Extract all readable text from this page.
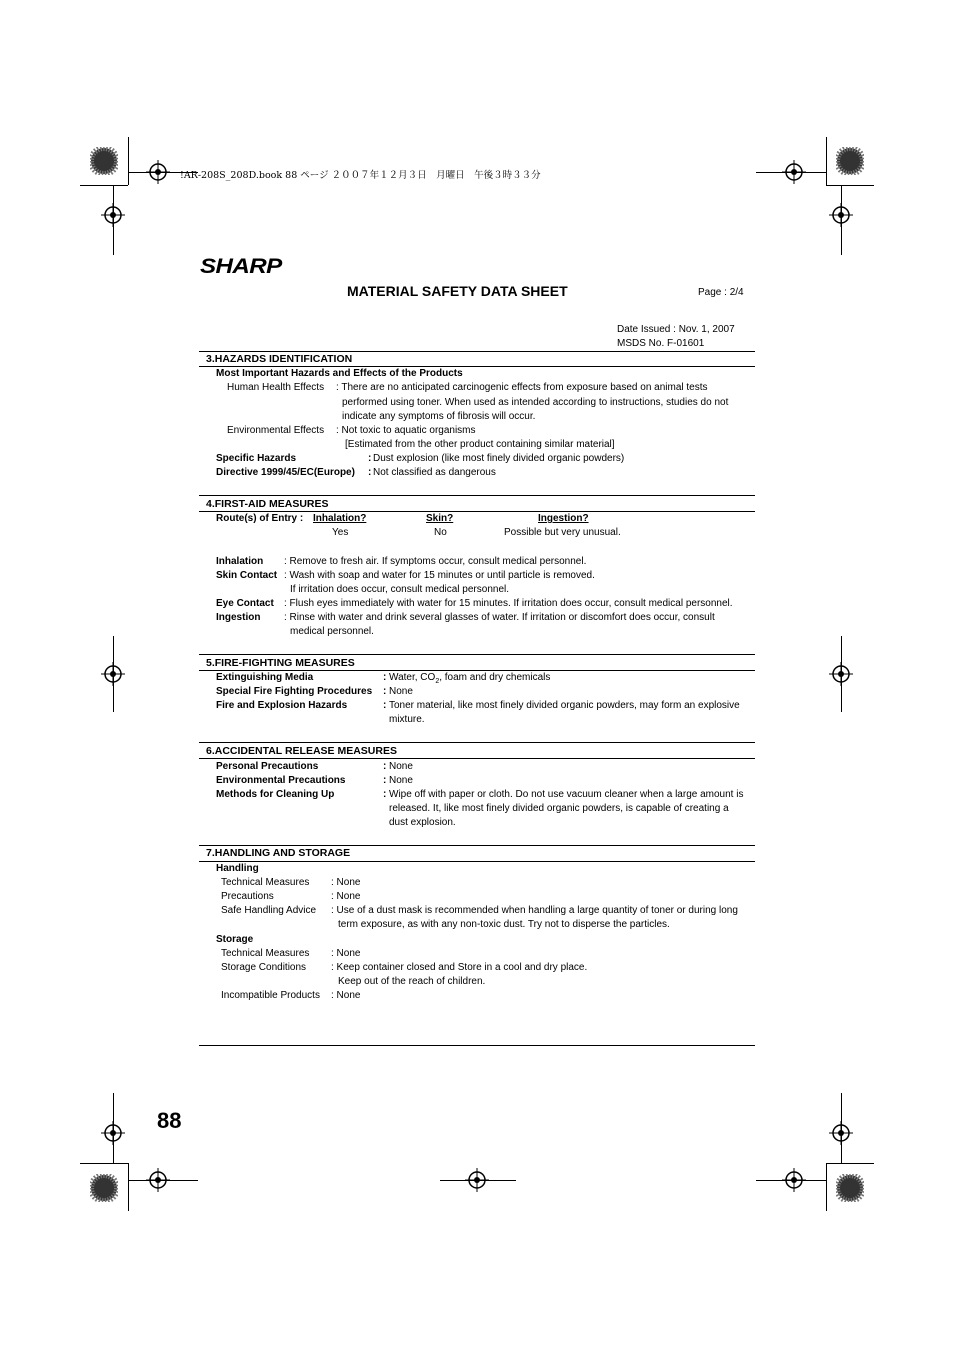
!AR-208S_208D.book 88 ページ ２００７年１２月３日　月曜日　午後３時３３分
SHARP
MATERIAL SAFETY DATA SHEET	Page : 2/4
Date Issued : Nov. 1, 2007
MSDS No. F-01601
3.HAZARDS IDENTIFICATION
Most Important Hazards and Effects of the Products
Human Health Effects : There are no anticipated carcinogenic effects from exposure based on animal tests
performed using toner. When used as intended according to instructions, studies do not
indicate any symptoms of fibrosis will occur.
Environmental Effects : Not toxic to aquatic organisms
[Estimated from the other product containing similar material]
Specific Hazards	: Dust explosion (like most finely divided organic powders)
Directive 1999/45/EC(Europe) : Not classified as dangerous
4.FIRST-AID MEASURES
Route(s) of Entry : Inhalation?	Skin?	Ingestion?
Yes	No	Possible but very unusual.
Inhalation : Remove to fresh air. If symptoms occur, consult medical personnel.
Skin Contact : Wash with soap and water for 15 minutes or until particle is removed.
If irritation does occur, consult medical personnel.
Eye Contact : Flush eyes immediately with water for 15 minutes. If irritation does occur, consult medical personnel.
Ingestion : Rinse with water and drink several glasses of water. If irritation or discomfort does occur, consult
medical personnel.
5.FIRE-FIGHTING MEASURES
Extinguishing Media	: Water, $CO_2$, foam and dry chemicals
Special Fire Fighting Procedures : None
Fire and Explosion Hazards	: Toner material, like most finely divided organic powders, may form an explosive
mixture.
6.ACCIDENTAL RELEASE MEASURES
Personal Precautions	: None
Environmental Precautions	: None
Methods for Cleaning Up	: Wipe off with paper or cloth. Do not use vacuum cleaner when a large amount is
released. It, like most finely divided organic powders, is capable of creating a
dust explosion.
7.HANDLING AND STORAGE
Handling
Technical Measures : None
Precautions	: None
Safe Handling Advice : Use of a dust mask is recommended when handling a large quantity of toner or during long
term exposure, as with any non-toxic dust. Try not to disperse the particles.
Storage
Technical Measures : None
Storage Conditions : Keep container closed and Store in a cool and dry place.
Keep out of the reach of children.
Incompatible Products : None
88
